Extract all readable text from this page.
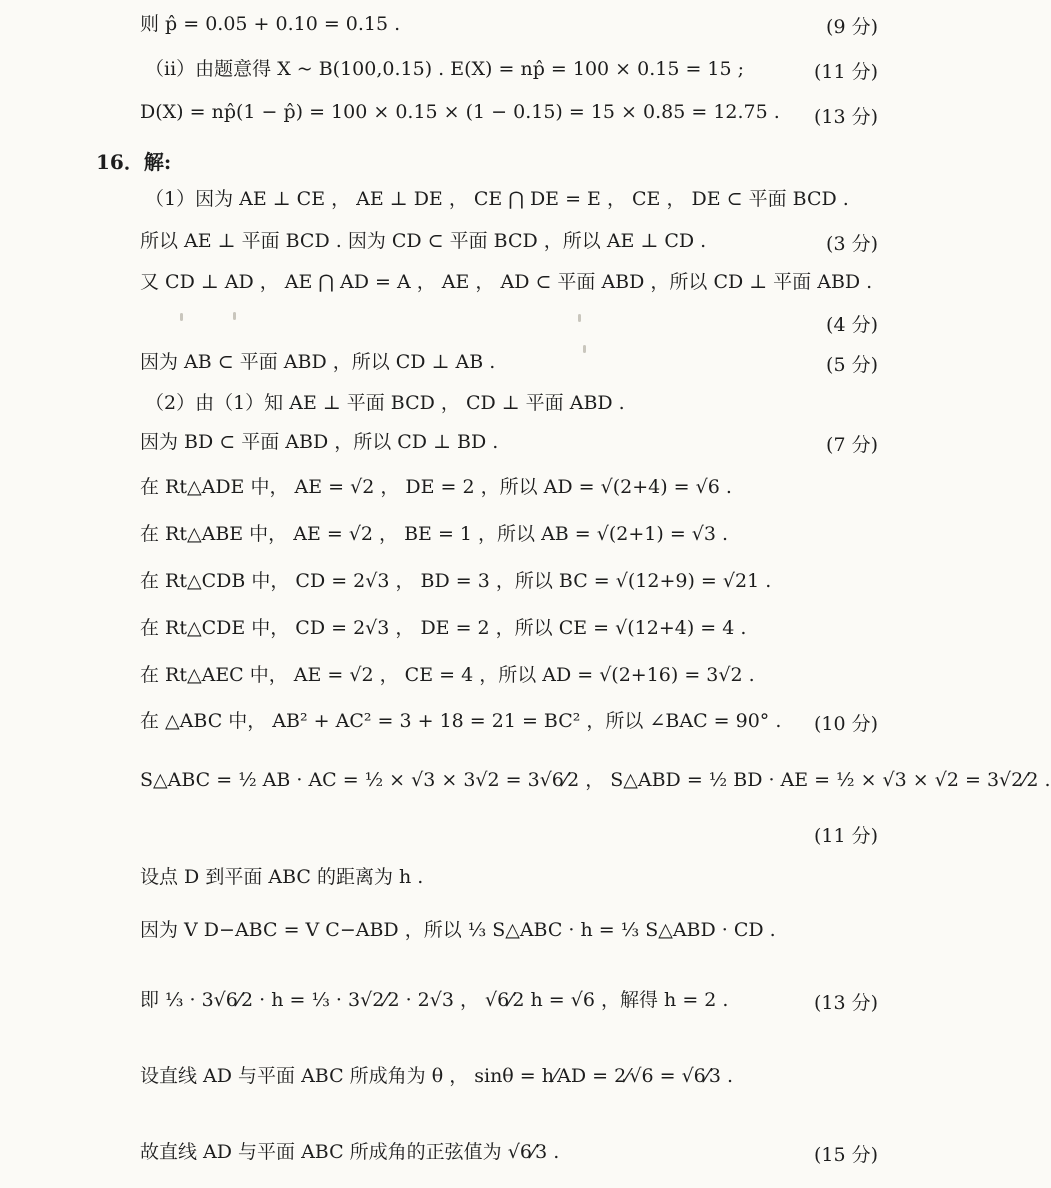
则 p̂ = 0.05 + 0.10 = 0.15 .	(9 分)
（ii）由题意得 X ~ B(100,0.15) . E(X) = np̂ = 100 × 0.15 = 15 ;	(11 分)
D(X) = np̂(1 − p̂) = 100 × 0.15 × (1 − 0.15) = 15 × 0.85 = 12.75 .	(13 分)
16．解:
（1）因为 AE ⊥ CE ， AE ⊥ DE ， CE ⋂ DE = E ， CE ， DE ⊂ 平面 BCD .
所以 AE ⊥ 平面 BCD . 因为 CD ⊂ 平面 BCD ，所以 AE ⊥ CD .	(3 分)
又 CD ⊥ AD ， AE ⋂ AD = A ， AE ， AD ⊂ 平面 ABD ，所以 CD ⊥ 平面 ABD .
(4 分)
因为 AB ⊂ 平面 ABD ，所以 CD ⊥ AB .	(5 分)
（2）由（1）知 AE ⊥ 平面 BCD ， CD ⊥ 平面 ABD .
因为 BD ⊂ 平面 ABD ，所以 CD ⊥ BD .	(7 分)
在 Rt△ADE 中， AE = √2 ， DE = 2 ，所以 AD = √(2+4) = √6 .
在 Rt△ABE 中， AE = √2 ， BE = 1 ，所以 AB = √(2+1) = √3 .
在 Rt△CDB 中， CD = 2√3 ， BD = 3 ，所以 BC = √(12+9) = √21 .
在 Rt△CDE 中， CD = 2√3 ， DE = 2 ，所以 CE = √(12+4) = 4 .
在 Rt△AEC 中， AE = √2 ， CE = 4 ，所以 AD = √(2+16) = 3√2 .
在 △ABC 中， AB² + AC² = 3 + 18 = 21 = BC² ，所以 ∠BAC = 90° .	(10 分)
S△ABC = ½ AB · AC = ½ × √3 × 3√2 = 3√6⁄2 ， S△ABD = ½ BD · AE = ½ × √3 × √2 = 3√2⁄2 .
(11 分)
设点 D 到平面 ABC 的距离为 h .
因为 V D−ABC = V C−ABD ，所以 ⅓ S△ABC · h = ⅓ S△ABD · CD .
即 ⅓ · 3√6⁄2 · h = ⅓ · 3√2⁄2 · 2√3 ， √6⁄2 h = √6 ，解得 h = 2 .	(13 分)
设直线 AD 与平面 ABC 所成角为 θ ， sinθ = h⁄AD = 2⁄√6 = √6⁄3 .
故直线 AD 与平面 ABC 所成角的正弦值为 √6⁄3 .	(15 分)
